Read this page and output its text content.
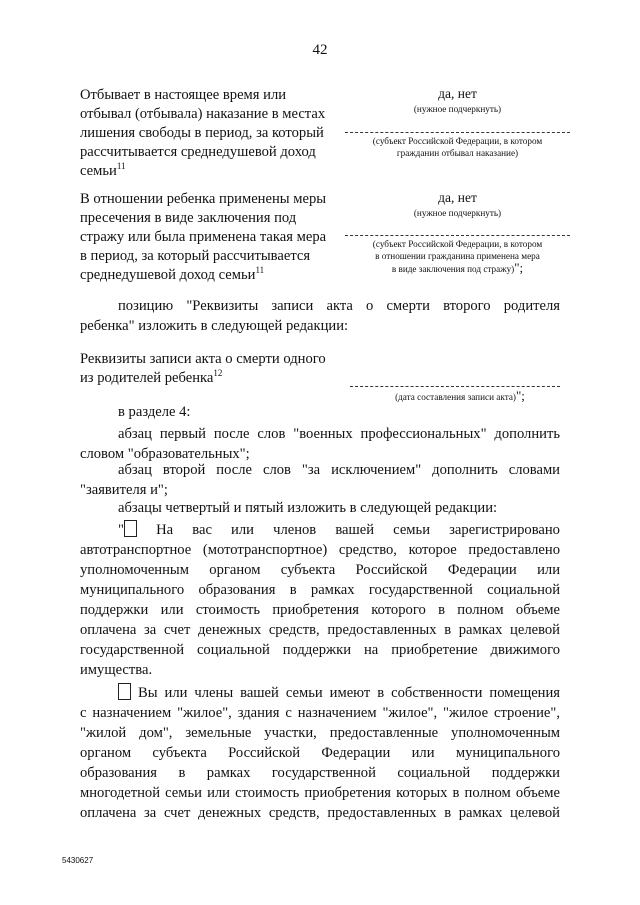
42
Отбывает в настоящее время или
отбывал (отбывала) наказание в местах
лишения свободы в период, за который
рассчитывается среднедушевой доход
семьи$^{11}$
да, нет
(нужное подчеркнуть)
(субъект Российской Федерации, в котором
гражданин отбывал наказание)
В отношении ребенка применены меры
пресечения в виде заключения под
стражу или была применена такая мера
в период, за который рассчитывается
среднедушевой доход семьи$^{11}$
да, нет
(нужное подчеркнуть)
(субъект Российской Федерации, в котором
в отношении гражданина применена мера
в виде заключения под стражу)";
позицию "Реквизиты записи акта о смерти второго родителя
ребенка" изложить в следующей редакции:
Реквизиты записи акта о смерти одного
из родителей ребенка$^{12}$
(дата составления записи акта)";
в разделе 4:
абзац первый после слов "военных профессиональных" дополнить
словом "образовательных";
абзац второй после слов "за исключением" дополнить словами
"заявителя и";
абзацы четвертый и пятый изложить в следующей редакции:
" На вас или членов вашей семьи зарегистрировано
автотранспортное (мототранспортное) средство, которое предоставлено
уполномоченным органом субъекта Российской Федерации или
муниципального образования в рамках государственной социальной
поддержки или стоимость приобретения которого в полном объеме
оплачена за счет денежных средств, предоставленных в рамках целевой
государственной социальной поддержки на приобретение движимого
имущества.
Вы или члены вашей семьи имеют в собственности помещения
с назначением "жилое", здания с назначением "жилое", "жилое строение",
"жилой дом", земельные участки, предоставленные уполномоченным
органом субъекта Российской Федерации или муниципального
образования в рамках государственной социальной поддержки
многодетной семьи или стоимость приобретения которых в полном объеме
оплачена за счет денежных средств, предоставленных в рамках целевой
5430627
